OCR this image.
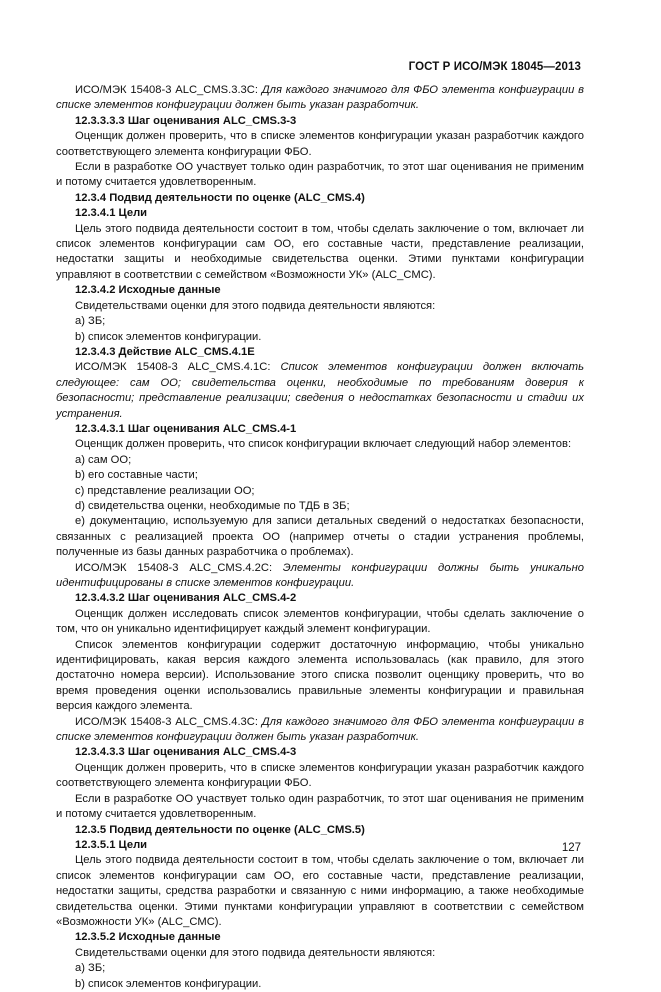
ГОСТ Р ИСО/МЭК 18045—2013

ИСО/МЭК 15408-3 ALC_CMS.3.3C: Для каждого значимого для ФБО элемента конфигурации в списке элементов конфигурации должен быть указан разработчик.

12.3.3.3.3 Шаг оценивания ALC_CMS.3-3

Оценщик должен проверить, что в списке элементов конфигурации указан разработчик каждого соответствующего элемента конфигурации ФБО.

Если в разработке ОО участвует только один разработчик, то этот шаг оценивания не применим и потому считается удовлетворенным.

12.3.4 Подвид деятельности по оценке (ALC_CMS.4)

12.3.4.1 Цели

Цель этого подвида деятельности состоит в том, чтобы сделать заключение о том, включает ли список элементов конфигурации сам ОО, его составные части, представление реализации, недостатки защиты и необходимые свидетельства оценки. Этими пунктами конфигурации управляют в соответствии с семейством «Возможности УК» (ALC_CMC).

12.3.4.2 Исходные данные

Свидетельствами оценки для этого подвида деятельности являются:

a) ЗБ;

b) список элементов конфигурации.

12.3.4.3 Действие ALC_CMS.4.1E

ИСО/МЭК 15408-3 ALC_CMS.4.1C: Список элементов конфигурации должен включать следующее: сам ОО; свидетельства оценки, необходимые по требованиям доверия к безопасности; представление реализации; сведения о недостатках безопасности и стадии их устранения.

12.3.4.3.1 Шаг оценивания ALC_CMS.4-1

Оценщик должен проверить, что список конфигурации включает следующий набор элементов:

a) сам ОО;

b) его составные части;

c) представление реализации ОО;

d) свидетельства оценки, необходимые по ТДБ в ЗБ;

e) документацию, используемую для записи детальных сведений о недостатках безопасности, связанных с реализацией проекта ОО (например отчеты о стадии устранения проблемы, полученные из базы данных разработчика о проблемах).

ИСО/МЭК 15408-3 ALC_CMS.4.2C: Элементы конфигурации должны быть уникально идентифицированы в списке элементов конфигурации.

12.3.4.3.2 Шаг оценивания ALC_CMS.4-2

Оценщик должен исследовать список элементов конфигурации, чтобы сделать заключение о том, что он уникально идентифицирует каждый элемент конфигурации.

Список элементов конфигурации содержит достаточную информацию, чтобы уникально идентифицировать, какая версия каждого элемента использовалась (как правило, для этого достаточно номера версии). Использование этого списка позволит оценщику проверить, что во время проведения оценки использовались правильные элементы конфигурации и правильная версия каждого элемента.

ИСО/МЭК 15408-3 ALC_CMS.4.3C: Для каждого значимого для ФБО элемента конфигурации в списке элементов конфигурации должен быть указан разработчик.

12.3.4.3.3 Шаг оценивания ALC_CMS.4-3

Оценщик должен проверить, что в списке элементов конфигурации указан разработчик каждого соответствующего элемента конфигурации ФБО.

Если в разработке ОО участвует только один разработчик, то этот шаг оценивания не применим и потому считается удовлетворенным.

12.3.5 Подвид деятельности по оценке (ALC_CMS.5)

12.3.5.1 Цели

Цель этого подвида деятельности состоит в том, чтобы сделать заключение о том, включает ли список элементов конфигурации сам ОО, его составные части, представление реализации, недостатки защиты, средства разработки и связанную с ними информацию, а также необходимые свидетельства оценки. Этими пунктами конфигурации управляют в соответствии с семейством «Возможности УК» (ALC_CMC).

12.3.5.2 Исходные данные

Свидетельствами оценки для этого подвида деятельности являются:

a) ЗБ;

b) список элементов конфигурации.

127
